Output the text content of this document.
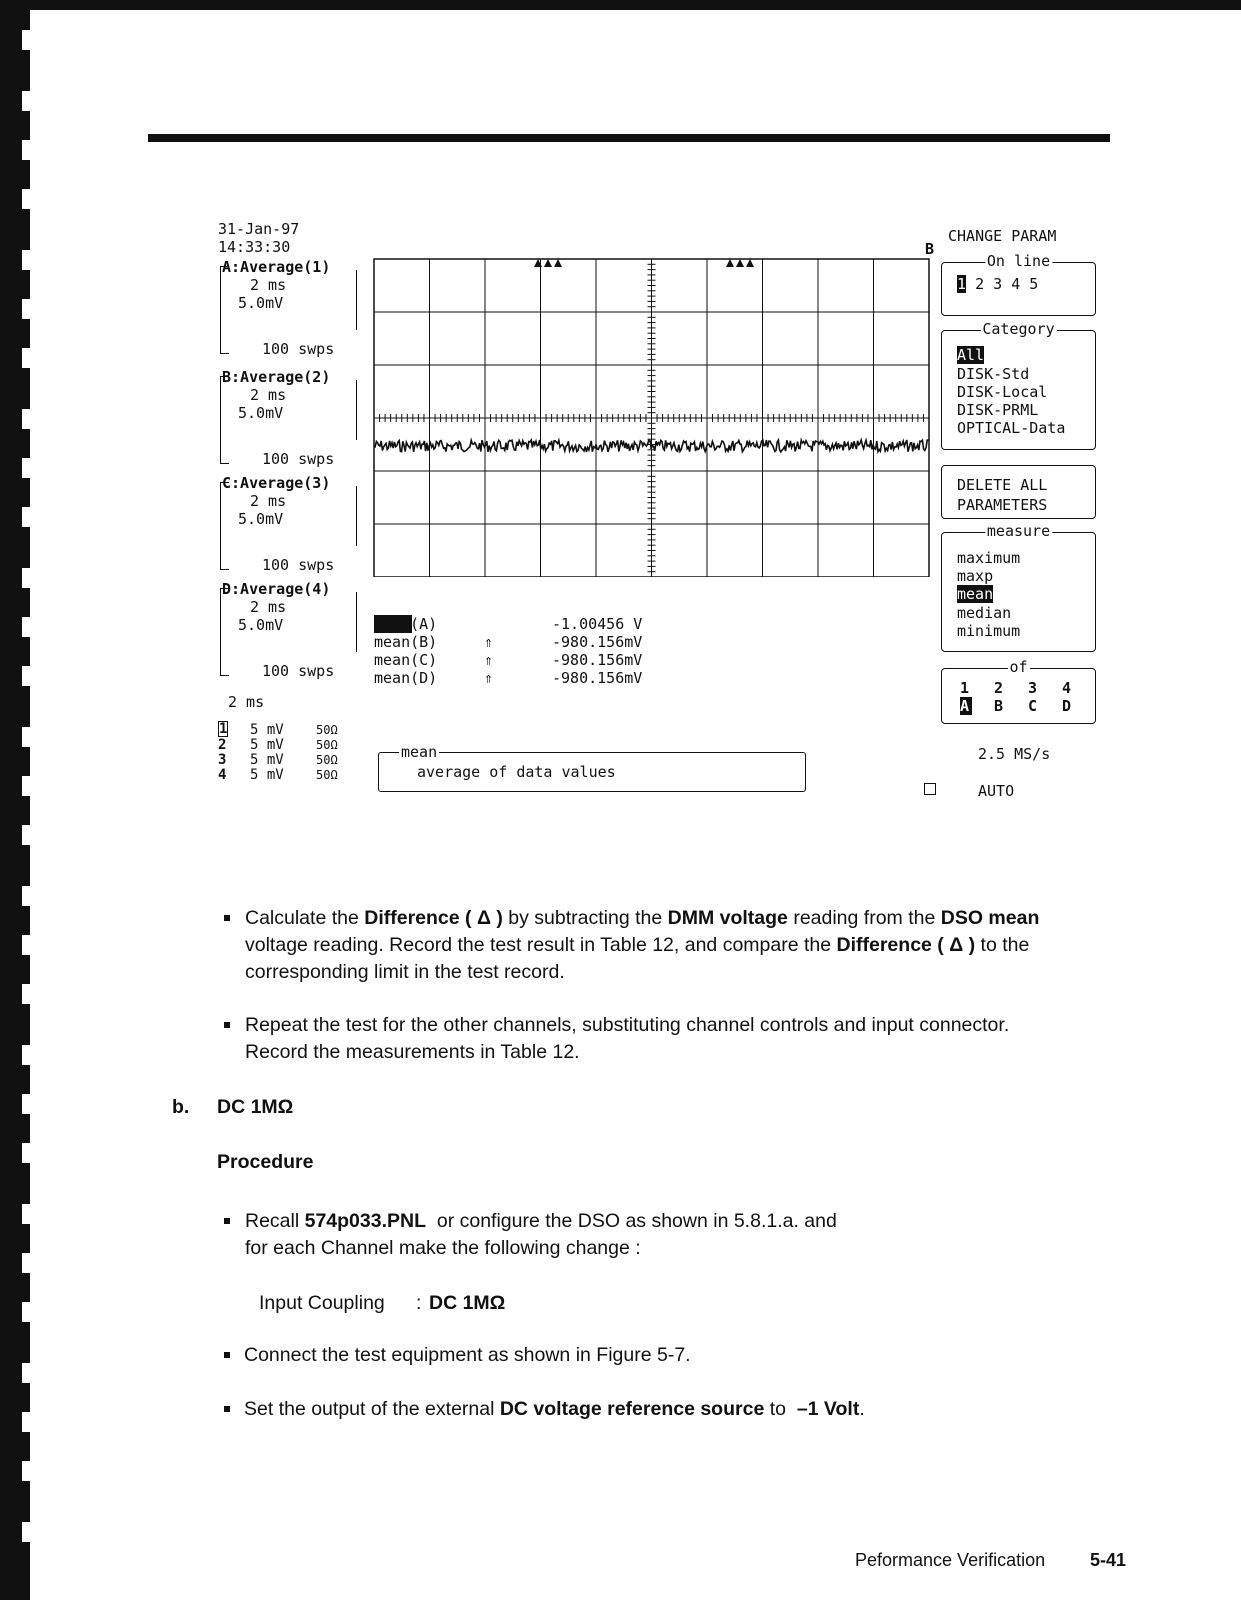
31-Jan-97
14:33:30
A:Average(1)
2 ms
5.0mV
100 swps
B:Average(2)
2 ms
5.0mV
100 swps
C:Average(3)
2 ms
5.0mV
100 swps
D:Average(4)
2 ms
5.0mV
100 swps
B
mean(A)	-1.00456 V
mean(B)	⇑	-980.156mV
mean(C)	⇑	-980.156mV
mean(D)	⇑	-980.156mV
2 ms
1 5 mV	50Ω
2 5 mV	50Ω
3 5 mV	50Ω
4 5 mV	50Ω
mean
average of data values
CHANGE PARAM
On line
1 2 3 4 5
Category
All
DISK-Std
DISK-Local
DISK-PRML
OPTICAL-Data
DELETE ALL
PARAMETERS
measure
maximum
maxp
mean
median
minimum
of
1 2 3 4
A B C D
2.5 MS/s
AUTO
Calculate the Difference ( Δ ) by subtracting the DMM voltage reading from the DSO mean voltage reading. Record the test result in Table 12, and compare the Difference ( Δ ) to the corresponding limit in the test record.
Repeat the test for the other channels, substituting channel controls and input connector. Record the measurements in Table 12.
b. DC 1MΩ
Procedure
Recall 574p033.PNL  or configure the DSO as shown in 5.8.1.a. and
for each Channel make the following change :
Input Coupling : DC 1MΩ
Connect the test equipment as shown in Figure 5-7.
Set the output of the external DC voltage reference source to  –1 Volt.
Peformance Verification 5-41
